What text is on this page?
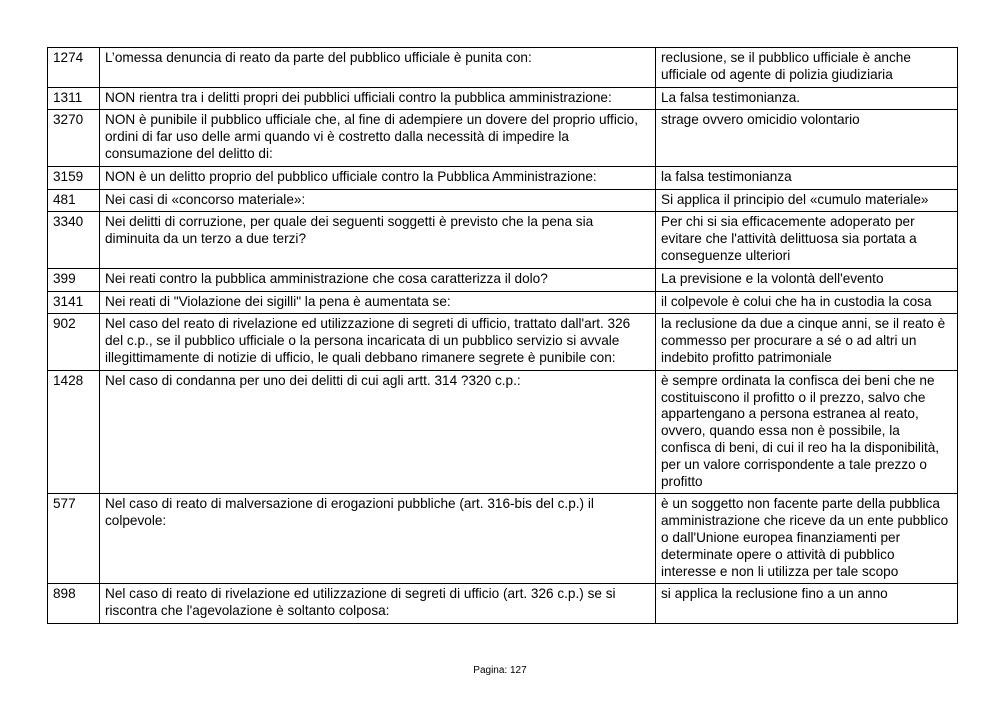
1274	L’omessa denuncia di reato da parte del pubblico ufficiale è punita con:	reclusione, se il pubblico ufficiale è anche ufficiale od agente di polizia giudiziaria
1311	NON rientra tra i delitti propri dei pubblici ufficiali contro la pubblica amministrazione:	La falsa testimonianza.
3270	NON è punibile il pubblico ufficiale che, al fine di adempiere un dovere del proprio ufficio, ordini di far uso delle armi quando vi è costretto dalla necessità di impedire la consumazione del delitto di:	strage ovvero omicidio volontario
3159	NON è un delitto proprio del pubblico ufficiale contro la Pubblica Amministrazione:	la falsa testimonianza
481	Nei casi di «concorso materiale»:	Si applica il principio del «cumulo materiale»
3340	Nei delitti di corruzione, per quale dei seguenti soggetti è previsto che la pena sia diminuita da un terzo a due terzi?	Per chi si sia efficacemente adoperato per evitare che l'attività delittuosa sia portata a conseguenze ulteriori
399	Nei reati contro la pubblica amministrazione che cosa caratterizza il dolo?	La previsione e la volontà dell'evento
3141	Nei reati di "Violazione dei sigilli" la pena è aumentata se:	il colpevole è colui che ha in custodia la cosa
902	Nel caso del reato di rivelazione ed utilizzazione di segreti di ufficio, trattato dall'art. 326 del c.p., se il pubblico ufficiale o la persona incaricata di un pubblico servizio si avvale illegittimamente di notizie di ufficio, le quali debbano rimanere segrete è punibile con:	la reclusione da due a cinque anni, se il reato è commesso per procurare a sé o ad altri un indebito profitto patrimoniale
1428	Nel caso di condanna per uno dei delitti di cui agli artt. 314 ?320 c.p.:	è sempre ordinata la confisca dei beni che ne costituiscono il profitto o il prezzo, salvo che appartengano a persona estranea al reato, ovvero, quando essa non è possibile, la confisca di beni, di cui il reo ha la disponibilità, per un valore corrispondente a tale prezzo o profitto
577	Nel caso di reato di malversazione di erogazioni pubbliche (art. 316-bis del c.p.) il colpevole:	è un soggetto non facente parte della pubblica amministrazione che riceve da un ente pubblico o dall'Unione europea finanziamenti per determinate opere o attività di pubblico interesse e non li utilizza per tale scopo
898	Nel caso di reato di rivelazione ed utilizzazione di segreti di ufficio (art. 326 c.p.) se si riscontra che l'agevolazione è soltanto colposa:	si applica la reclusione fino a un anno
Pagina: 127
